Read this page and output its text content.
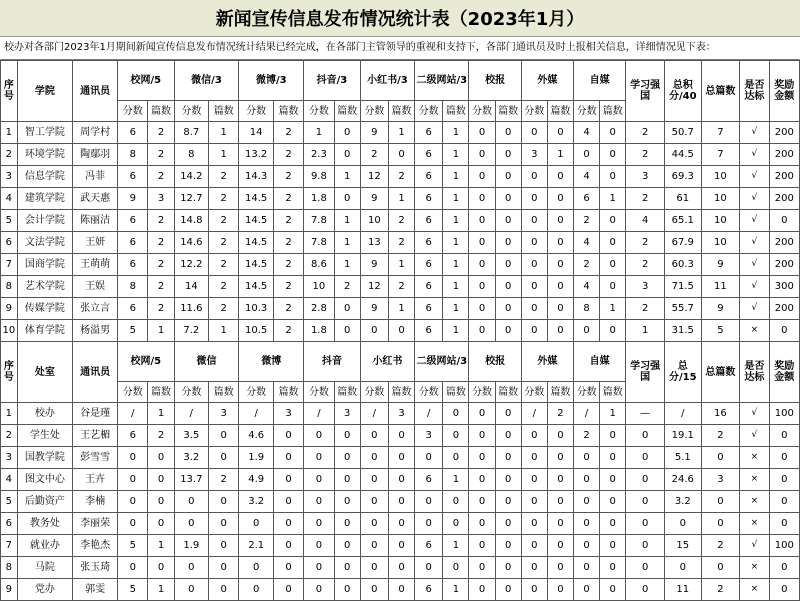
新闻宣传信息发布情况统计表（2023年1月）
校办对各部门2023年1月期间新闻宣传信息发布情况统计结果已经完成，在各部门主管领导的重视和支持下，各部门通讯员及时上报相关信息，详细情况见下表：
序号	学院	通讯员	校网/5		微信/3		微博/3		抖音/3		小红书/3		二级网站/3		校报		外媒		自媒		学习强国	总积分/40	总篇数	是否达标	奖励金额
			分数	篇数	分数	篇数	分数	篇数	分数	篇数	分数	篇数	分数	篇数	分数	篇数	分数	篇数	分数	篇数					
1	智工学院	周学村	6	2	8.7	1	14	2	1	0	9	1	6	1	0	0	0	0	4	0	2	50.7	7	√	200
2	环境学院	陶鄢羽	8	2	8	1	13.2	2	2.3	0	2	0	6	1	0	0	3	1	0	0	2	44.5	7	√	200
3	信息学院	冯菲	6	2	14.2	2	14.3	2	9.8	1	12	2	6	1	0	0	0	0	4	0	3	69.3	10	√	200
4	建筑学院	武天惠	9	3	12.7	2	14.5	2	1.8	0	9	1	6	1	0	0	0	0	6	1	2	61	10	√	200
5	会计学院	陈丽洁	6	2	14.8	2	14.5	2	7.8	1	10	2	6	1	0	0	0	0	2	0	4	65.1	10	√	0
6	文法学院	王妍	6	2	14.6	2	14.5	2	7.8	1	13	2	6	1	0	0	0	0	4	0	2	67.9	10	√	200
7	国商学院	王萌萌	6	2	12.2	2	14.5	2	8.6	1	9	1	6	1	0	0	0	0	2	0	2	60.3	9	√	200
8	艺术学院	王娱	8	2	14	2	14.5	2	10	2	12	2	6	1	0	0	0	0	4	0	3	71.5	11	√	300
9	传媒学院	张立言	6	2	11.6	2	10.3	2	2.8	0	9	1	6	1	0	0	0	0	8	1	2	55.7	9	√	200
10	体育学院	杨溢男	5	1	7.2	1	10.5	2	1.8	0	0	0	6	1	0	0	0	0	0	0	1	31.5	5	×	0
序号	处室	通讯员	校网/5		微信		微博		抖音		小红书		二级网站/3		校报		外媒		自媒		学习强国	总分/15	总篇数	是否达标	奖励金额
			分数	篇数	分数	篇数	分数	篇数	分数	篇数	分数	篇数	分数	篇数	分数	篇数	分数	篇数	分数	篇数					
1	校办	谷是瑾	/	1	/	3	/	3	/	3	/	3	/	0	0	0	/	2	/	1	—	/	16	√	100
2	学生处	王艺楣	6	2	3.5	0	4.6	0	0	0	0	0	3	0	0	0	0	0	2	0	0	19.1	2	√	0
3	国教学院	彭雪雪	0	0	3.2	0	1.9	0	0	0	0	0	0	0	0	0	0	0	0	0	0	5.1	0	×	0
4	图文中心	王卉	0	0	13.7	2	4.9	0	0	0	0	0	6	1	0	0	0	0	0	0	0	24.6	3	×	0
5	后勤资产	李楠	0	0	0	0	3.2	0	0	0	0	0	0	0	0	0	0	0	0	0	0	3.2	0	×	0
6	教务处	李丽荣	0	0	0	0	0	0	0	0	0	0	0	0	0	0	0	0	0	0	0	0	0	×	0
7	就业办	李艳杰	5	1	1.9	0	2.1	0	0	0	0	0	6	1	0	0	0	0	0	0	0	15	2	√	100
8	马院	张玉琦	0	0	0	0	0	0	0	0	0	0	0	0	0	0	0	0	0	0	0	0	0	×	0
9	党办	郭雯	5	1	0	0	0	0	0	0	0	0	6	1	0	0	0	0	0	0	0	11	2	×	0
